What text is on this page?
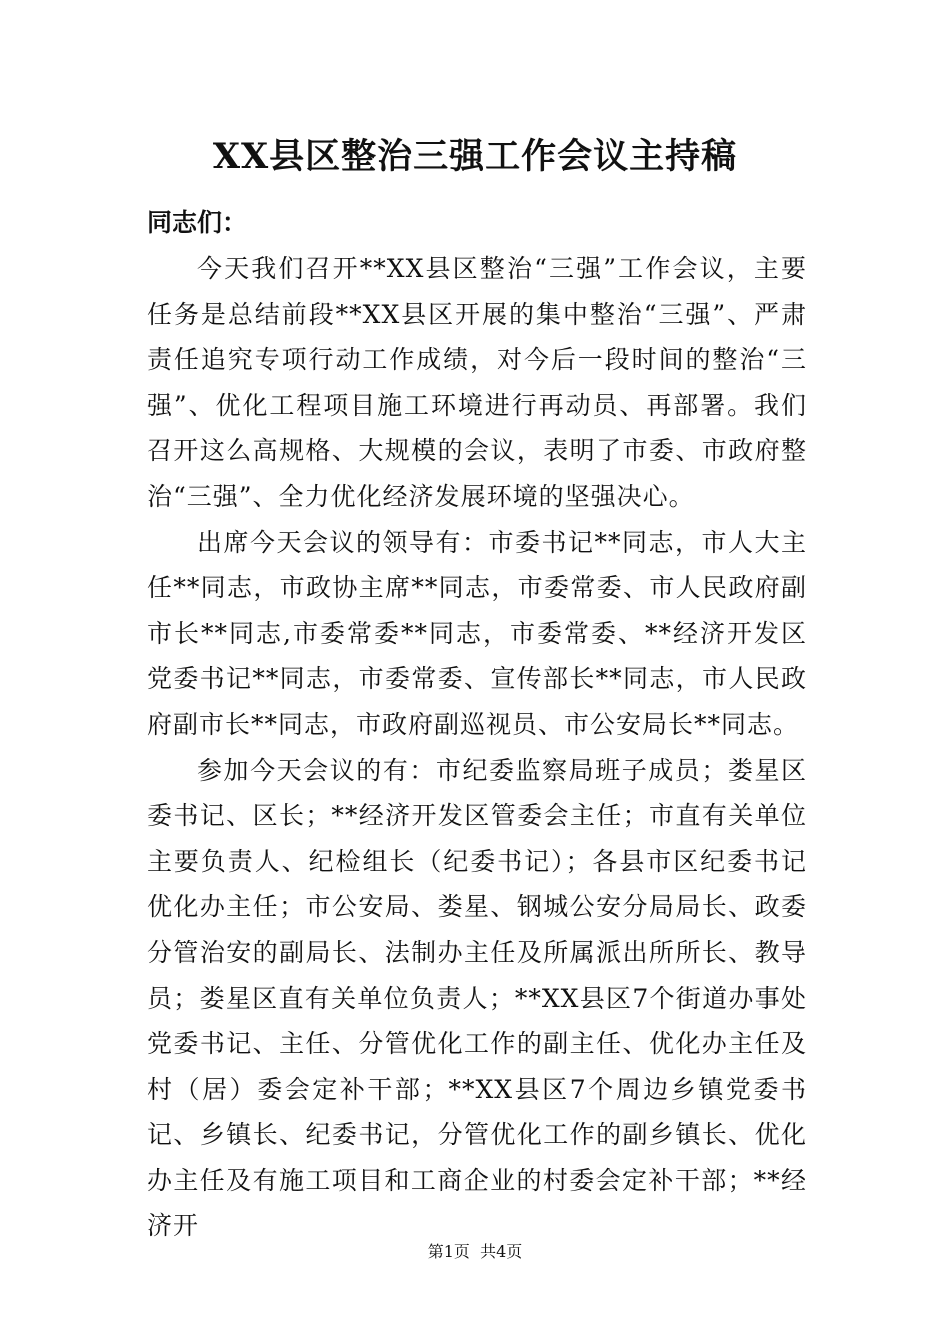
XX县区整治三强工作会议主持稿

同志们：

今天我们召开**XX县区整治“三强”工作会议，主要任务是总结前段**XX县区开展的集中整治“三强”、严肃责任追究专项行动工作成绩，对今后一段时间的整治“三强”、优化工程项目施工环境进行再动员、再部署。我们召开这么高规格、大规模的会议，表明了市委、市政府整治“三强”、全力优化经济发展环境的坚强决心。

出席今天会议的领导有：市委书记**同志，市人大主任**同志，市政协主席**同志，市委常委、市人民政府副市长**同志,市委常委**同志，市委常委、**经济开发区党委书记**同志，市委常委、宣传部长**同志，市人民政府副市长**同志，市政府副巡视员、市公安局长**同志。

参加今天会议的有：市纪委监察局班子成员；娄星区委书记、区长；**经济开发区管委会主任；市直有关单位主要负责人、纪检组长（纪委书记）；各县市区纪委书记优化办主任；市公安局、娄星、钢城公安分局局长、政委分管治安的副局长、法制办主任及所属派出所所长、教导员；娄星区直有关单位负责人；**XX县区7个街道办事处党委书记、主任、分管优化工作的副主任、优化办主任及村（居）委会定补干部；**XX县区7个周边乡镇党委书记、乡镇长、纪委书记，分管优化工作的副乡镇长、优化办主任及有施工项目和工商企业的村委会定补干部；**经济开

第1页 共4页
